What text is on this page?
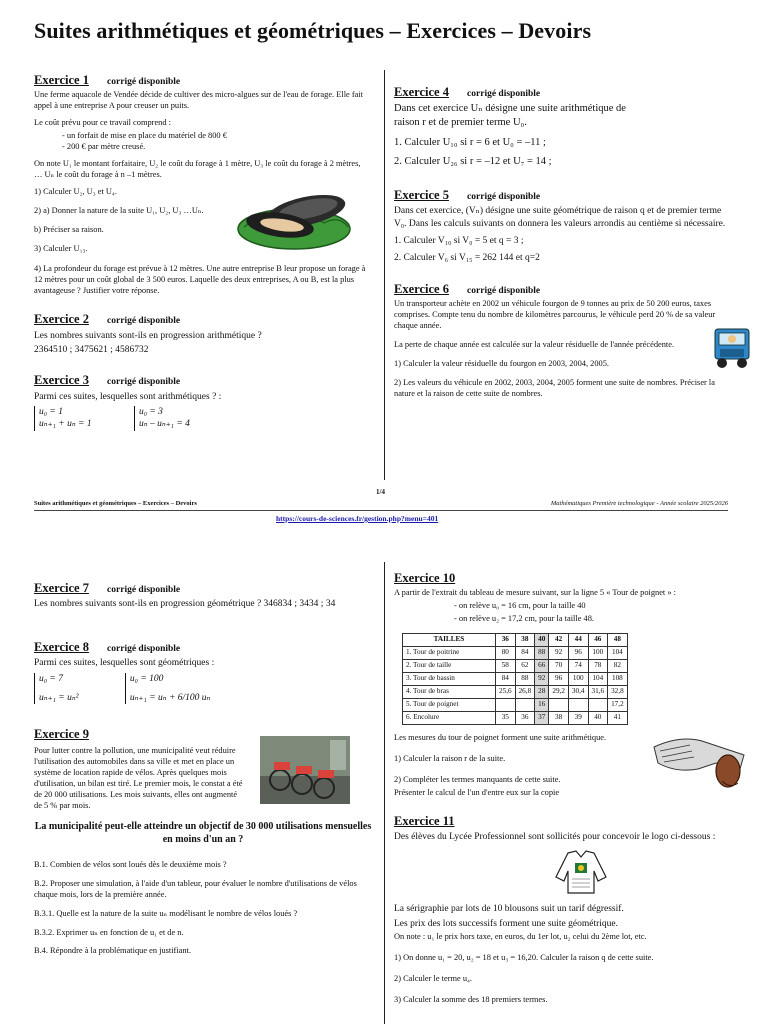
Suites arithmétiques et géométriques – Exercices – Devoirs
Exercice 1 corrigé disponible
Une ferme aquacole de Vendée décide de cultiver des micro-algues sur de l'eau de forage. Elle fait appel à une entreprise A pour creuser un puits.
Le coût prévu pour ce travail comprend :
- un forfait de mise en place du matériel de 800 €
- 200 € par mètre creusé.
On note U₁ le montant forfaitaire, U₂ le coût du forage à 1 mètre, U₃ le coût du forage à 2 mètres, … Uₙ le coût du forage à n –1 mètres.
1) Calculer U₂, U₃ et U₄.
2) a) Donner la nature de la suite U₁, U₂, U₃ …Uₙ.
b) Préciser sa raison.
3) Calculer U₁₃.
4) La profondeur du forage est prévue à 12 mètres. Une autre entreprise B leur propose un forage à 12 mètres pour un coût global de 3 500 euros. Laquelle des deux entreprises, A ou B, est la plus avantageuse ? Justifier votre réponse.
Exercice 2 corrigé disponible
Les nombres suivants sont-ils en progression arithmétique ?
2364510 ; 3475621 ; 4586732
Exercice 3 corrigé disponible
Parmi ces suites, lesquelles sont arithmétiques ? :
u₀ = 1
uₙ₊₁ + uₙ = 1

u₀ = 3
uₙ – uₙ₊₁ = 4
Exercice 4 corrigé disponible
Dans cet exercice Uₙ désigne une suite arithmétique de raison r et de premier terme U₀.
1. Calculer U₁₀ si r = 6 et U₀ = –11 ;
2. Calculer U₂₆ si r = –12 et U₇ = 14 ;
Exercice 5 corrigé disponible
Dans cet exercice, (Vₙ) désigne une suite géométrique de raison q et de premier terme V₀. Dans les calculs suivants on donnera les valeurs arrondis au centième si nécessaire.
1. Calculer V₁₀ si V₀ = 5 et q = 3 ;
2. Calculer V₆ si V₁₅ = 262 144 et q=2
Exercice 6 corrigé disponible
Un transporteur achète en 2002 un véhicule fourgon de 9 tonnes au prix de 50 200 euros, taxes comprises. Compte tenu du nombre de kilomètres parcourus, le véhicule perd 20 % de sa valeur chaque année.
La perte de chaque année est calculée sur la valeur résiduelle de l'année précédente.
1) Calculer la valeur résiduelle du fourgon en 2003, 2004, 2005.
2) Les valeurs du véhicule en 2002, 2003, 2004, 2005 forment une suite de nombres. Préciser la nature et la raison de cette suite de nombres.
1/4
Suites arithmétiques et géométriques – Exercices – Devoirs	Mathématiques Première technologique - Année scolaire 2025/2026
https://cours-de-sciences.fr/gestion.php?menu=401
Exercice 7 corrigé disponible
Les nombres suivants sont-ils en progression géométrique ? 346834 ; 3434 ; 34
Exercice 8 corrigé disponible
Parmi ces suites, lesquelles sont géométriques :
u₀ = 7
uₙ₊₁ = uₙ²

u₀ = 100
uₙ₊₁ = uₙ + 6/100 uₙ
Exercice 9
Pour lutter contre la pollution, une municipalité veut réduire l'utilisation des automobiles dans sa ville et met en place un système de location rapide de vélos. Après quelques mois d'utilisation, un bilan est tiré. Le premier mois, le constat a été de 20 000 utilisations. Les mois suivants, elles ont augmenté de 5 % par mois.
La municipalité peut-elle atteindre un objectif de 30 000 utilisations mensuelles en moins d'un an ?
B.1. Combien de vélos sont loués dès le deuxième mois ?
B.2. Proposer une simulation, à l'aide d'un tableur, pour évaluer le nombre d'utilisations de vélos chaque mois, lors de la première année.
B.3.1. Quelle est la nature de la suite uₙ modélisant le nombre de vélos loués ?
B.3.2. Exprimer uₙ en fonction de u₁ et de n.
B.4. Répondre à la problématique en justifiant.
Exercice 10
A partir de l'extrait du tableau de mesure suivant, sur la ligne 5 « Tour de poignet » :
- on relève u₀ = 16 cm, pour la taille 40
- on relève u₂ = 17,2 cm, pour la taille 48.
TAILLES	36	38	40	42	44	46	48
1. Tour de poitrine	80	84	88	92	96	100	104
2. Tour de taille	58	62	66	70	74	78	82
3. Tour de bassin	84	88	92	96	100	104	108
4. Tour de bras	25,6	26,8	28	29,2	30,4	31,6	32,8
5. Tour de poignet			16				17,2
6. Encolure	35	36	37	38	39	40	41
Les mesures du tour de poignet forment une suite arithmétique.
1) Calculer la raison r de la suite.
2) Compléter les termes manquants de cette suite.
Présenter le calcul de l'un d'entre eux sur la copie
Exercice 11
Des élèves du Lycée Professionnel sont sollicités pour concevoir le logo ci-dessous :
La sérigraphie par lots de 10 blousons suit un tarif dégressif.
Les prix des lots successifs forment une suite géométrique.
On note : u₁ le prix hors taxe, en euros, du 1er lot, u₂ celui du 2ème lot, etc.
1) On donne u₁ = 20, u₂ = 18 et u₃ = 16,20. Calculer la raison q de cette suite.
2) Calculer le terme u₄.
3) Calculer la somme des 18 premiers termes.
